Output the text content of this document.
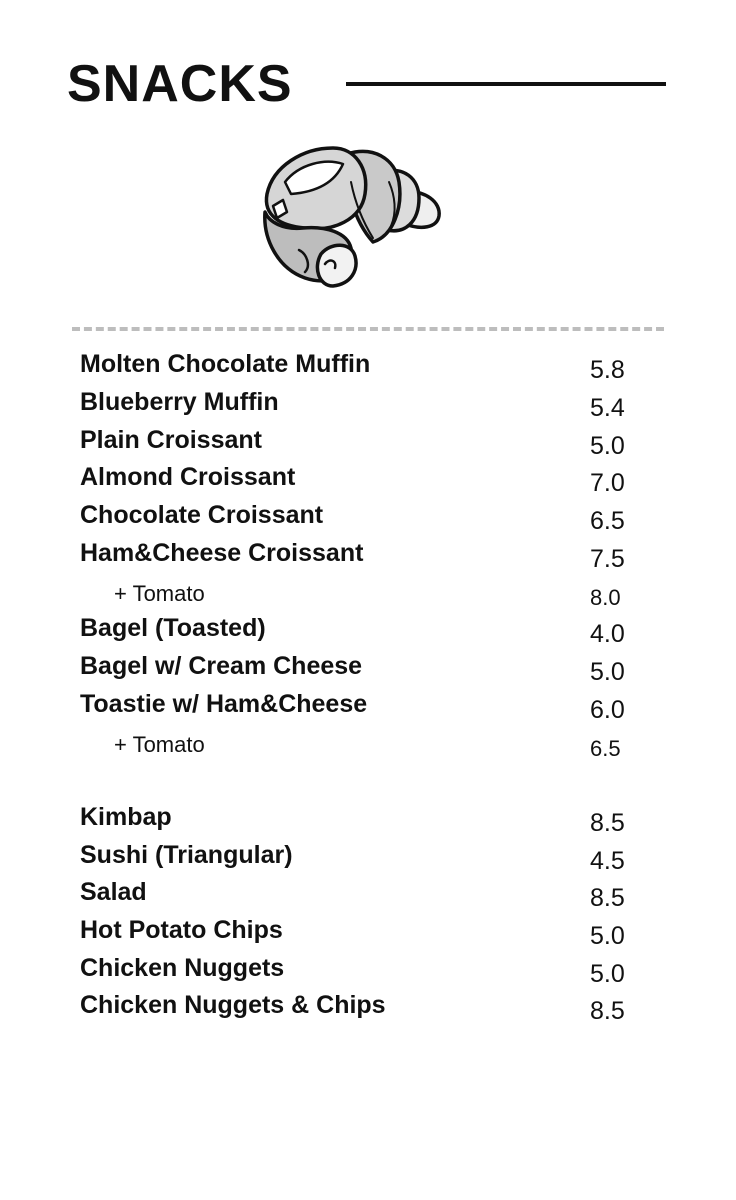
SNACKS
Molten Chocolate Muffin	5.8
Blueberry Muffin	5.4
Plain Croissant	5.0
Almond Croissant	7.0
Chocolate Croissant	6.5
Ham&Cheese Croissant	7.5
+ Tomato	8.0
Bagel (Toasted)	4.0
Bagel w/ Cream Cheese	5.0
Toastie w/ Ham&Cheese	6.0
+ Tomato	6.5
Kimbap	8.5
Sushi (Triangular)	4.5
Salad	8.5
Hot Potato Chips	5.0
Chicken Nuggets	5.0
Chicken Nuggets & Chips	8.5
